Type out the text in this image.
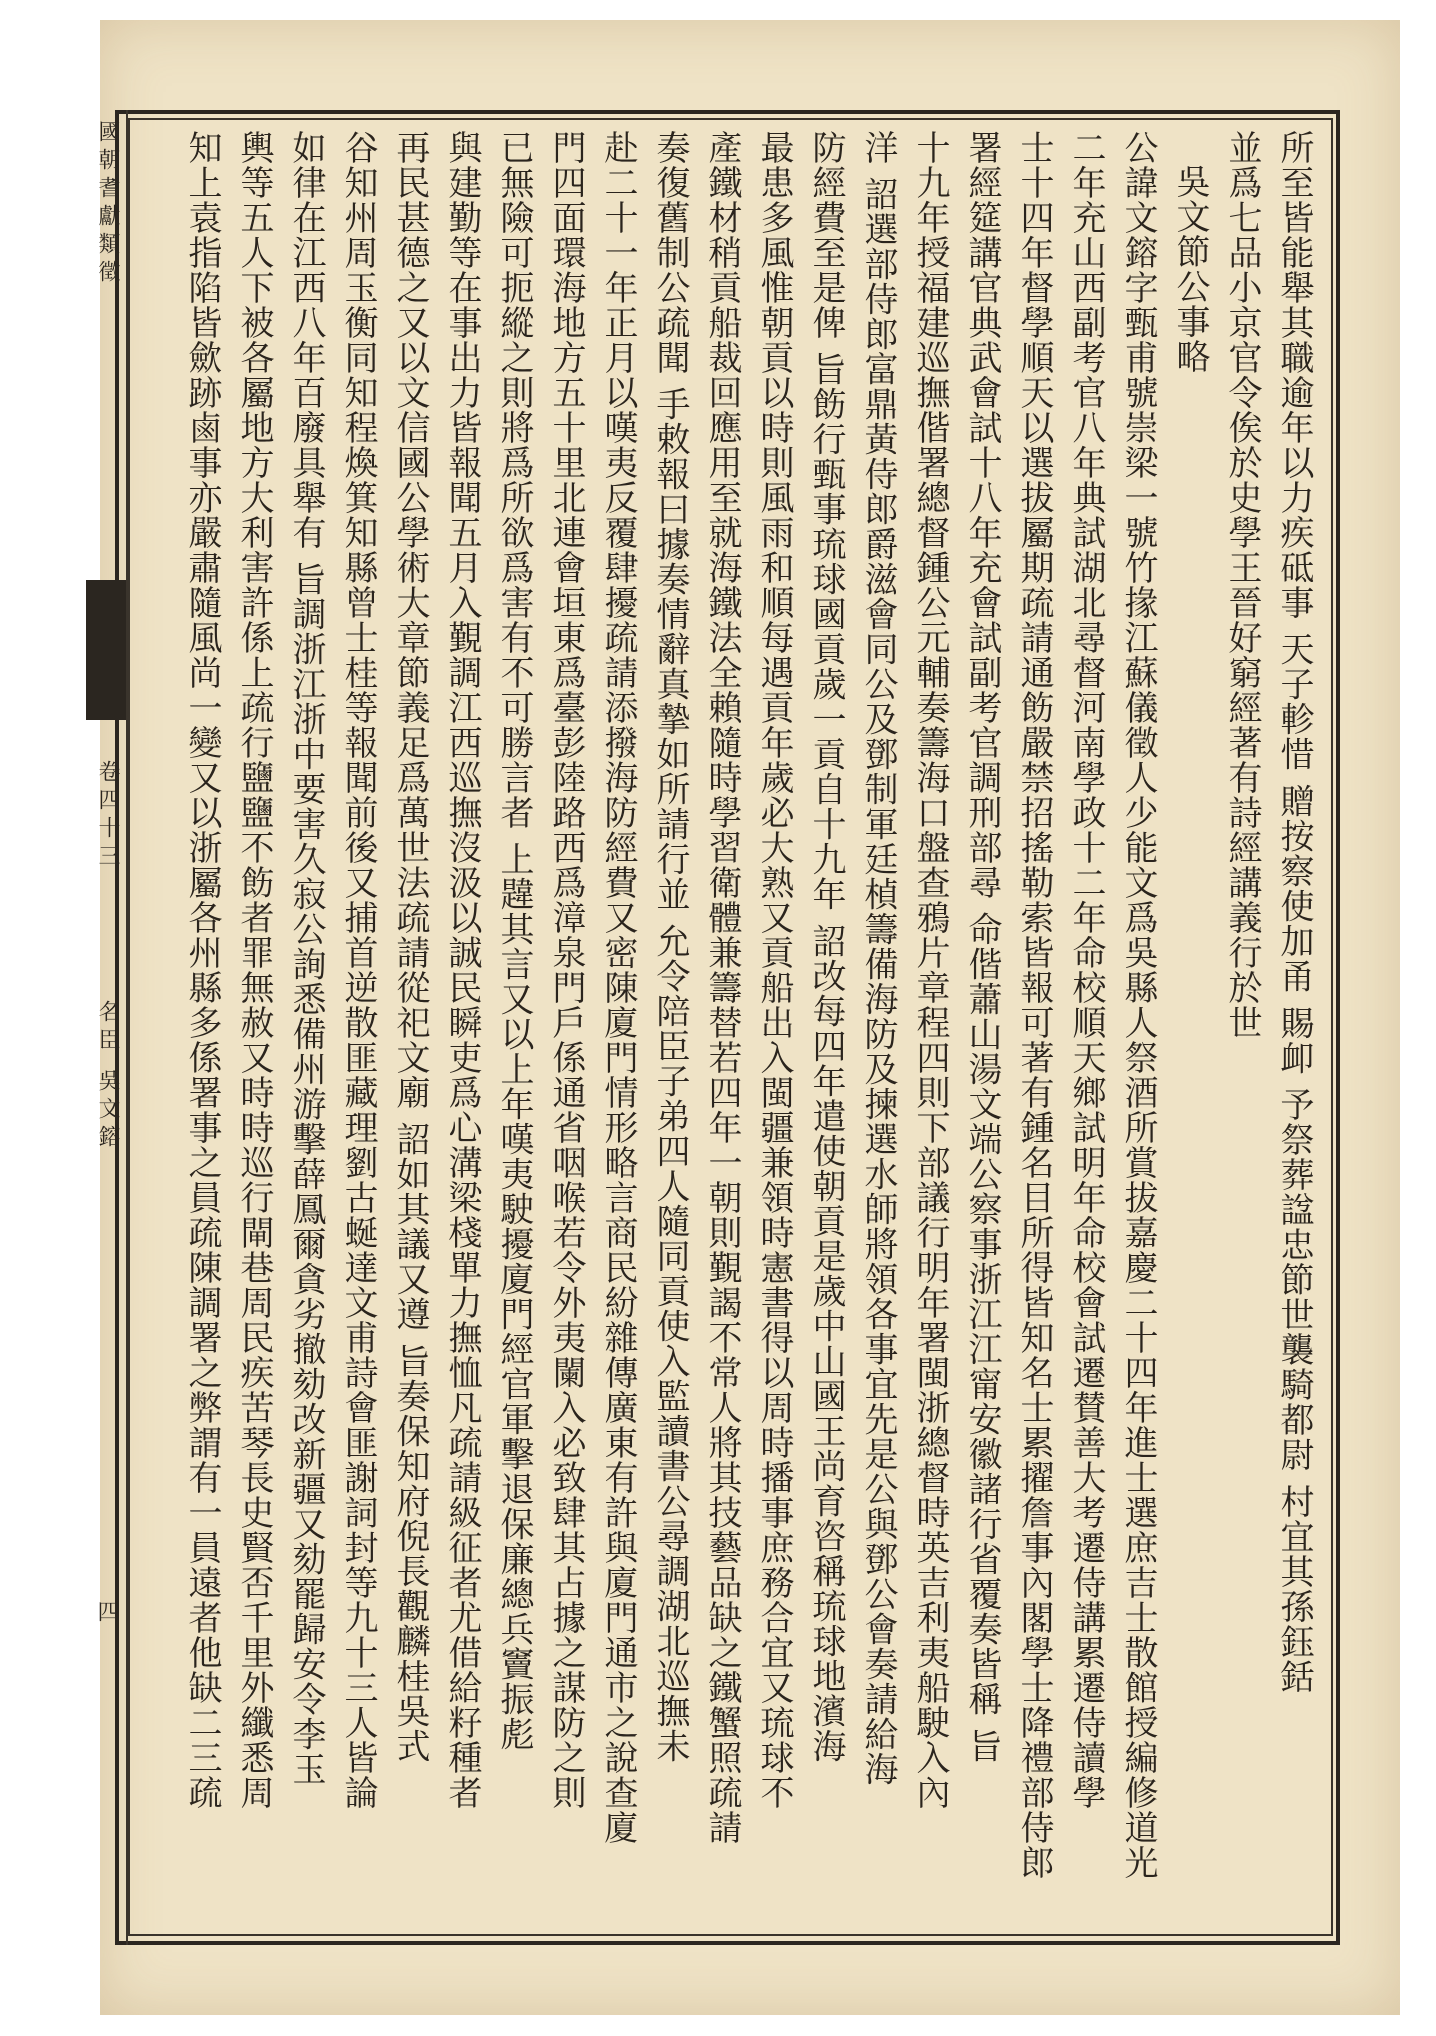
國朝耆獻類徵
卷四十三
名臣 吳文鎔
四	所至皆能舉其職逾年以力疾砥事 天子軫惜 贈按察使加甬 賜卹 予祭葬諡忠節世襲騎都尉 村宜其孫鈺銛
並爲七品小京官令俟於史學王晉好窮經著有詩經講義行於世
吳文節公事略
公諱文鎔字甄甫號崇梁一號竹掾江蘇儀徵人少能文爲吳縣人祭酒所賞拔嘉慶二十四年進士選庶吉士散館授編修道光
二年充山西副考官八年典試湖北尋督河南學政十二年命校順天鄉試明年命校會試遷賛善大考遷侍講累遷侍讀學
士十四年督學順天以選拔屬期疏請通飭嚴禁招搖勒索皆報可著有鍾名目所得皆知名士累擢詹事內閣學士降禮部侍郎
署經筵講官典武會試十八年充會試副考官調刑部尋 命偕蕭山湯文端公察事浙江江甯安徽諸行省覆奏皆稱 旨
十九年授福建巡撫偕署總督鍾公元輔奏籌海口盤查鴉片章程四則下部議行明年署閩浙總督時英吉利夷船駛入內
洋 詔選部侍郎富鼎黃侍郎爵滋會同公及鄧制軍廷楨籌備海防及揀選水師將領各事宜先是公與鄧公會奏請給海
防經費至是俾 旨飭行甄事琉球國貢歲一貢自十九年 詔改每四年遣使朝貢是歲中山國王尚育咨稱琉球地濱海
最患多風惟朝貢以時則風雨和順每遇貢年歲必大熟又貢船出入閩疆兼領時憲書得以周時播事庶務合宜又琉球不
產鐵材稍貢船裁回應用至就海鐵法全賴隨時學習衛體兼籌替若四年一朝則覲謁不常人將其技藝品缺之鐵蟹照疏請
奏復舊制公疏聞 手敕報曰據奏情辭真摯如所請行並 允令陪臣子弟四人隨同貢使入監讀書公尋調湖北巡撫未
赴二十一年正月以嘆夷反覆肆擾疏請添撥海防經費又密陳廈門情形略言商民紛雜傳廣東有許與廈門通市之說查廈
門四面環海地方五十里北連會垣東爲臺彭陸路西爲漳泉門戶係通省咽喉若令外夷闌入必致肆其占據之謀防之則
已無險可扼縱之則將爲所欲爲害有不可勝言者 上韙其言又以上年嘆夷駛擾廈門經官軍擊退保廉總兵竇振彪
與建勤等在事出力皆報聞五月入覲調江西巡撫沒汲以誠民瞬吏爲心溝梁棧單力撫恤凡疏請級征者尤借給籽種者
再民甚德之又以文信國公學術大章節義足爲萬世法疏請從祀文廟 詔如其議又遵 旨奏保知府倪長觀麟桂吳式
谷知州周玉衡同知程煥箕知縣曾士桂等報聞前後又捕首逆散匪藏理劉古蜒達文甫詩會匪謝詞封等九十三人皆論
如律在江西八年百廢具舉有 旨調浙江浙中要害久寂公詢悉備州游擊薛鳳爾貪劣撤劾改新疆又劾罷歸安令李玉
輿等五人下被各屬地方大利害許係上疏行鹽鹽不飭者罪無赦又時時巡行閘巷周民疾苦琴長史賢否千里外纖悉周
知上袁指陷皆歛跡鹵事亦嚴肅隨風尚一變又以浙屬各州縣多係署事之員疏陳調署之弊謂有一員遠者他缺二三疏
